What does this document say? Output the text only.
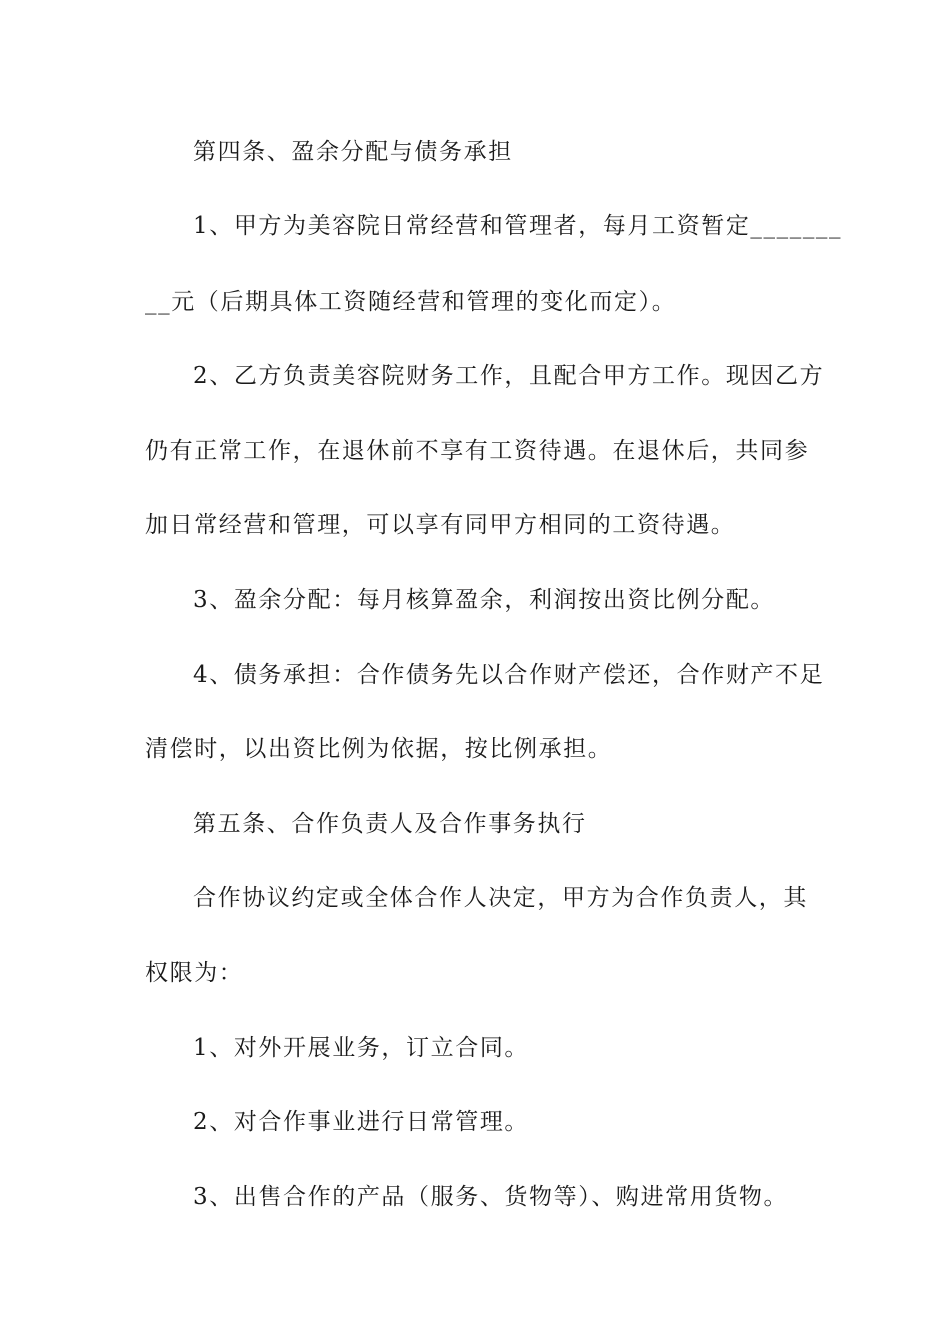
第四条、盈余分配与债务承担
1、甲方为美容院日常经营和管理者，每月工资暂定_______
__元（后期具体工资随经营和管理的变化而定）。
2、乙方负责美容院财务工作，且配合甲方工作。现因乙方
仍有正常工作，在退休前不享有工资待遇。在退休后，共同参
加日常经营和管理，可以享有同甲方相同的工资待遇。
3、盈余分配：每月核算盈余，利润按出资比例分配。
4、债务承担：合作债务先以合作财产偿还，合作财产不足
清偿时，以出资比例为依据，按比例承担。
第五条、合作负责人及合作事务执行
合作协议约定或全体合作人决定，甲方为合作负责人，其
权限为：
1、对外开展业务，订立合同。
2、对合作事业进行日常管理。
3、出售合作的产品（服务、货物等）、购进常用货物。
